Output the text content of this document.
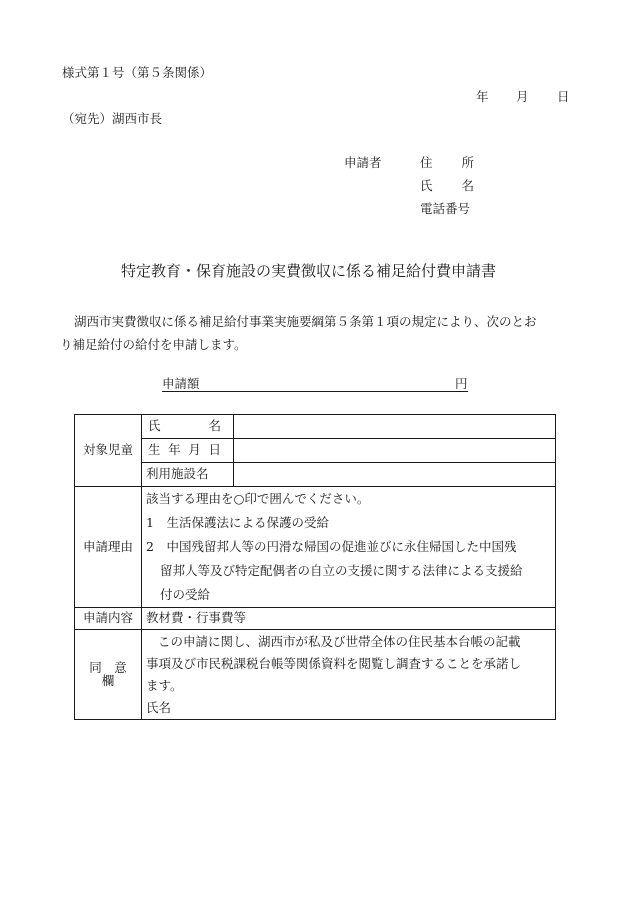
様式第１号（第５条関係）
年 月 日
（宛先）湖西市長
申請者	住 所
氏 名
電話番号
特定教育・保育施設の実費徴収に係る補足給付費申請書
湖西市実費徴収に係る補足給付事業実施要綱第５条第１項の規定により、次のとお
り補足給付の給付を申請します。
申請額	円
対象児童	氏 名	

	生 年 月 日	

	利用施設名	
申請理由	該当する理由を○印で囲んでください。
1　生活保護法による保護の受給
2　中国残留邦人等の円滑な帰国の促進並びに永住帰国した中国残
留邦人等及び特定配偶者の自立の支援に関する法律による支援給
付の受給	

申請内容	教材費・行事費等	
同　意　欄	この申請に関し、湖西市が私及び世帯全体の住民基本台帳の記載
事項及び市民税課税台帳等関係資料を閲覧し調査することを承諾し
ます。
氏名	
